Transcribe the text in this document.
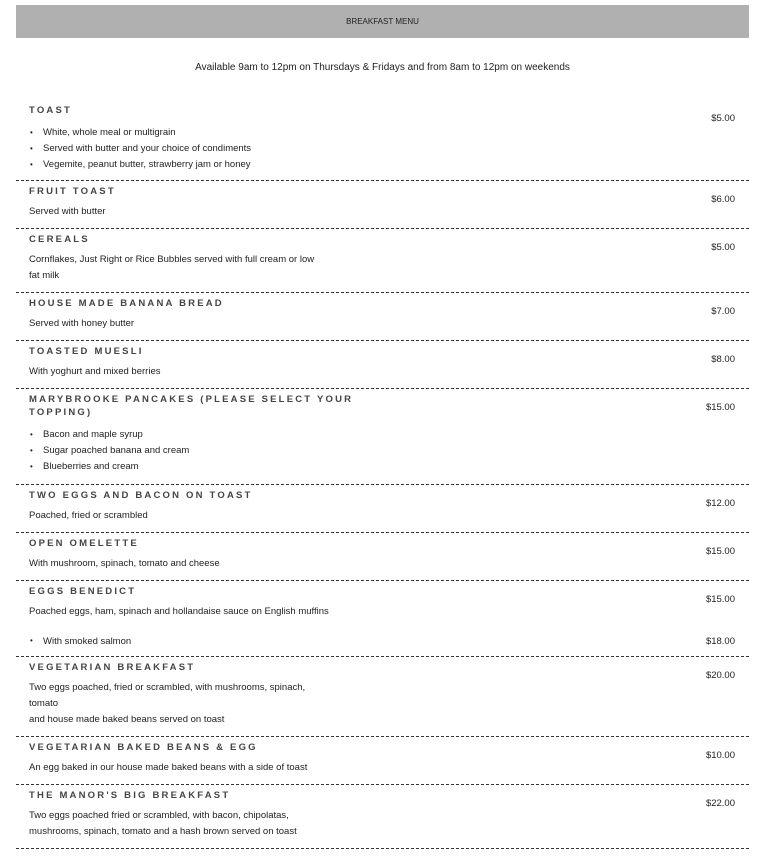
BREAKFAST MENU
Available 9am to 12pm on Thursdays & Fridays and from 8am to 12pm on weekends
TOAST
• White, whole meal or multigrain
• Served with butter and your choice of condiments
• Vegemite, peanut butter, strawberry jam or honey
$5.00
FRUIT TOAST
Served with butter
$6.00
CEREALS
Cornflakes, Just Right or Rice Bubbles served with full cream or low
fat milk
$5.00
HOUSE MADE BANANA BREAD
Served with honey butter
$7.00
TOASTED MUESLI
With yoghurt and mixed berries
$8.00
MARYBROOKE PANCAKES (PLEASE SELECT YOUR TOPPING)
• Bacon and maple syrup
• Sugar poached banana and cream
• Blueberries and cream
$15.00
TWO EGGS AND BACON ON TOAST
Poached, fried or scrambled
$12.00
OPEN OMELETTE
With mushroom, spinach, tomato and cheese
$15.00
EGGS BENEDICT
Poached eggs, ham, spinach and hollandaise sauce on English muffins
$15.00
• With smoked salmon	$18.00
VEGETARIAN BREAKFAST
Two eggs poached, fried or scrambled, with mushrooms, spinach,
tomato
and house made baked beans served on toast
$20.00
VEGETARIAN BAKED BEANS & EGG
An egg baked in our house made baked beans with a side of toast
$10.00
THE MANOR'S BIG BREAKFAST
Two eggs poached fried or scrambled, with bacon, chipolatas,
mushrooms, spinach, tomato and a hash brown served on toast
$22.00
